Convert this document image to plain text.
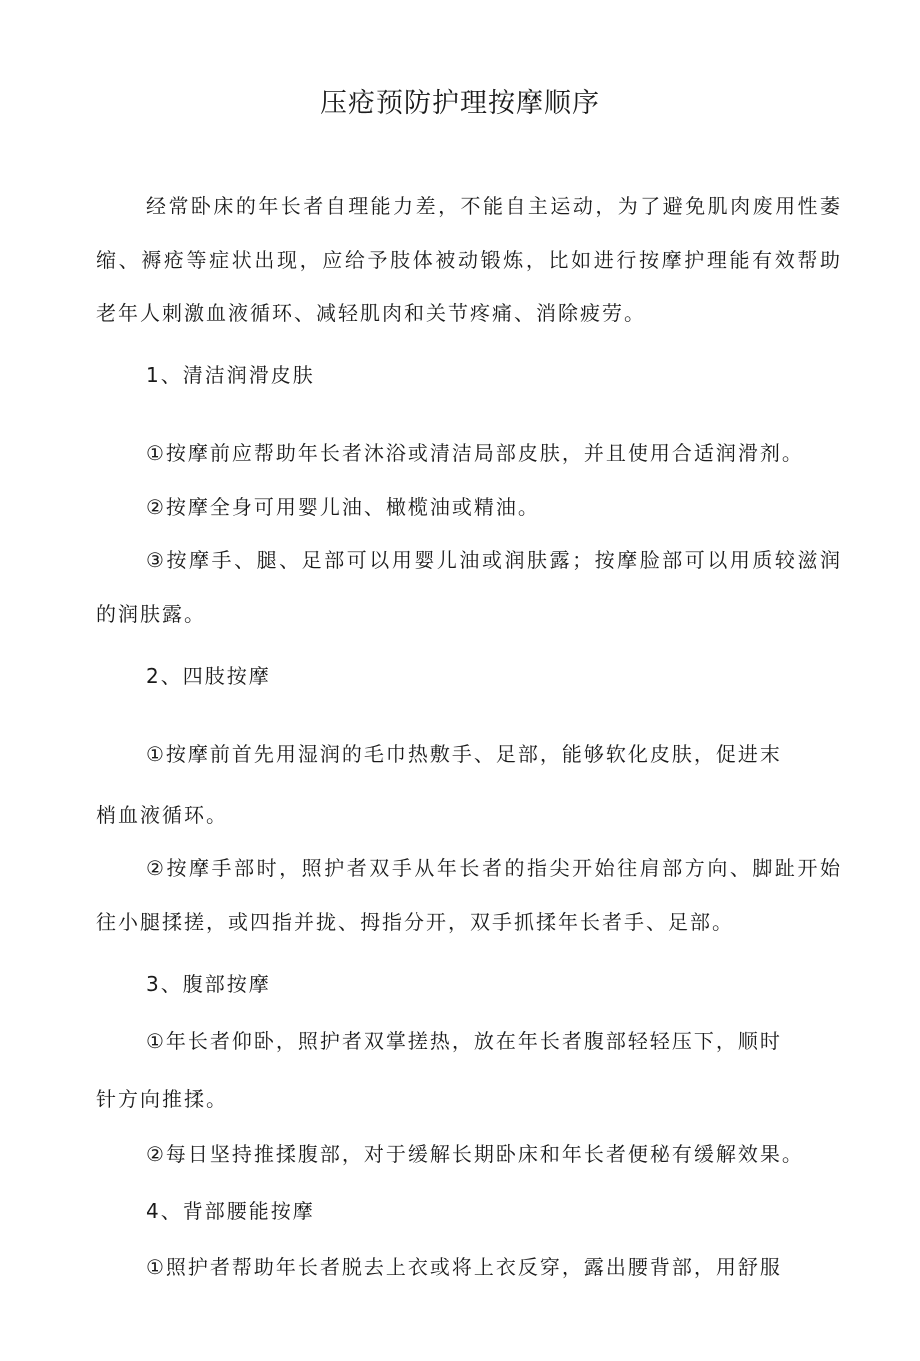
压疮预防护理按摩顺序
经常卧床的年长者自理能力差，不能自主运动，为了避免肌肉废用性萎
缩、褥疮等症状出现，应给予肢体被动锻炼，比如进行按摩护理能有效帮助
老年人刺激血液循环、减轻肌肉和关节疼痛、消除疲劳。
1、清洁润滑皮肤
①按摩前应帮助年长者沐浴或清洁局部皮肤，并且使用合适润滑剂。
②按摩全身可用婴儿油、橄榄油或精油。
③按摩手、腿、足部可以用婴儿油或润肤露；按摩脸部可以用质较滋润
的润肤露。
2、四肢按摩
①按摩前首先用湿润的毛巾热敷手、足部，能够软化皮肤，促进末
梢血液循环。
②按摩手部时，照护者双手从年长者的指尖开始往肩部方向、脚趾开始
往小腿揉搓，或四指并拢、拇指分开，双手抓揉年长者手、足部。
3、腹部按摩
①年长者仰卧，照护者双掌搓热，放在年长者腹部轻轻压下，顺时
针方向推揉。
②每日坚持推揉腹部，对于缓解长期卧床和年长者便秘有缓解效果。
4、背部腰能按摩
①照护者帮助年长者脱去上衣或将上衣反穿，露出腰背部，用舒服
